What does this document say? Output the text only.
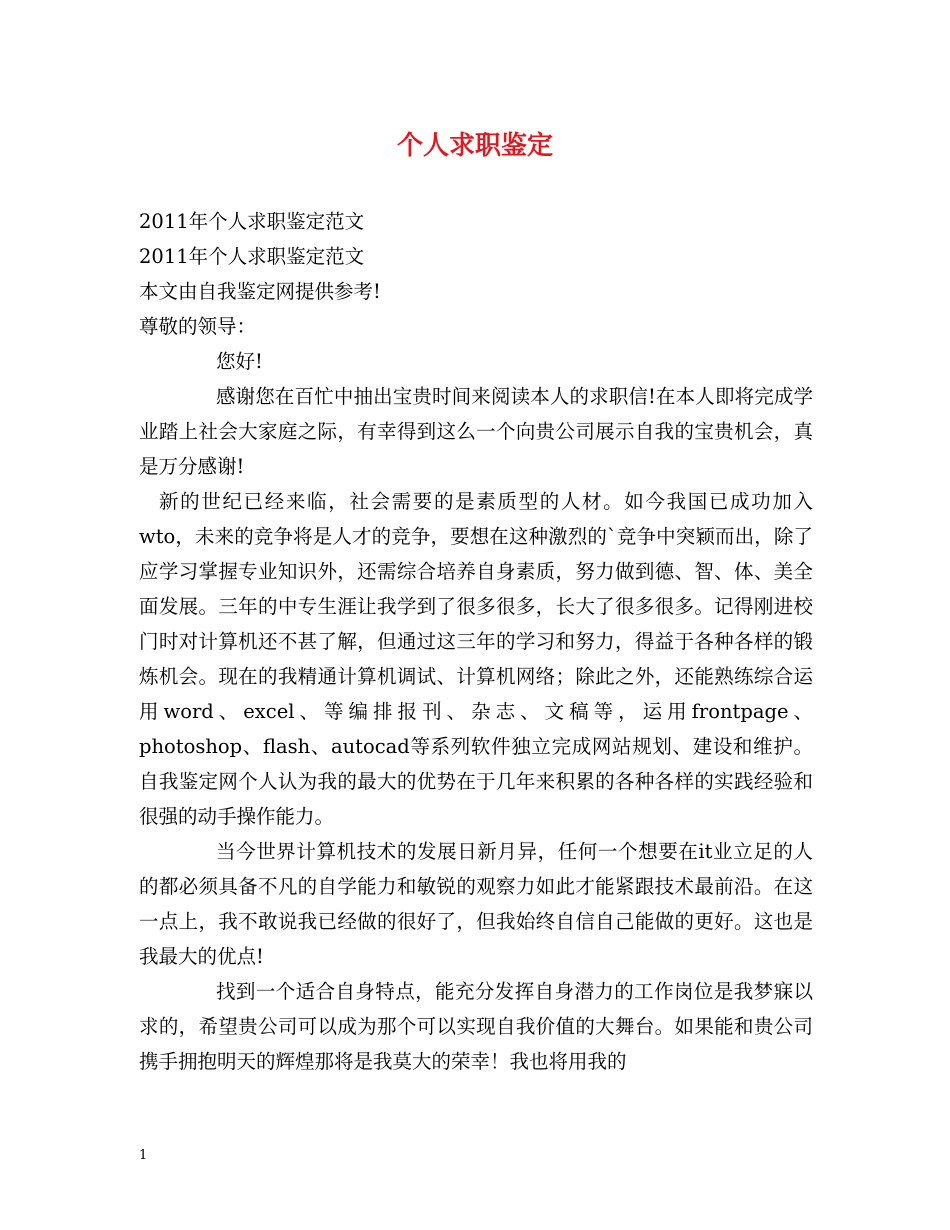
个人求职鉴定

2011年个人求职鉴定范文

2011年个人求职鉴定范文

本文由自我鉴定网提供参考!

尊敬的领导：

您好!

感谢您在百忙中抽出宝贵时间来阅读本人的求职信!在本人即将完成学业踏上社会大家庭之际，有幸得到这么一个向贵公司展示自我的宝贵机会，真是万分感谢!

新的世纪已经来临，社会需要的是素质型的人材。如今我国已成功加入wto，未来的竞争将是人才的竞争，要想在这种激烈的`竞争中突颖而出，除了应学习掌握专业知识外，还需综合培养自身素质，努力做到德、智、体、美全面发展。三年的中专生涯让我学到了很多很多，长大了很多很多。记得刚进校门时对计算机还不甚了解，但通过这三年的学习和努力，得益于各种各样的锻炼机会。现在的我精通计算机调试、计算机网络；除此之外，还能熟练综合运用word、excel、等编排报刊、杂志、文稿等，运用frontpage、photoshop、flash、autocad等系列软件独立完成网站规划、建设和维护。自我鉴定网个人认为我的最大的优势在于几年来积累的各种各样的实践经验和很强的动手操作能力。

当今世界计算机技术的发展日新月异，任何一个想要在it业立足的人的都必须具备不凡的自学能力和敏锐的观察力如此才能紧跟技术最前沿。在这一点上，我不敢说我已经做的很好了，但我始终自信自己能做的更好。这也是我最大的优点!

找到一个适合自身特点，能充分发挥自身潜力的工作岗位是我梦寐以求的，希望贵公司可以成为那个可以实现自我价值的大舞台。如果能和贵公司携手拥抱明天的辉煌那将是我莫大的荣幸！我也将用我的

1
